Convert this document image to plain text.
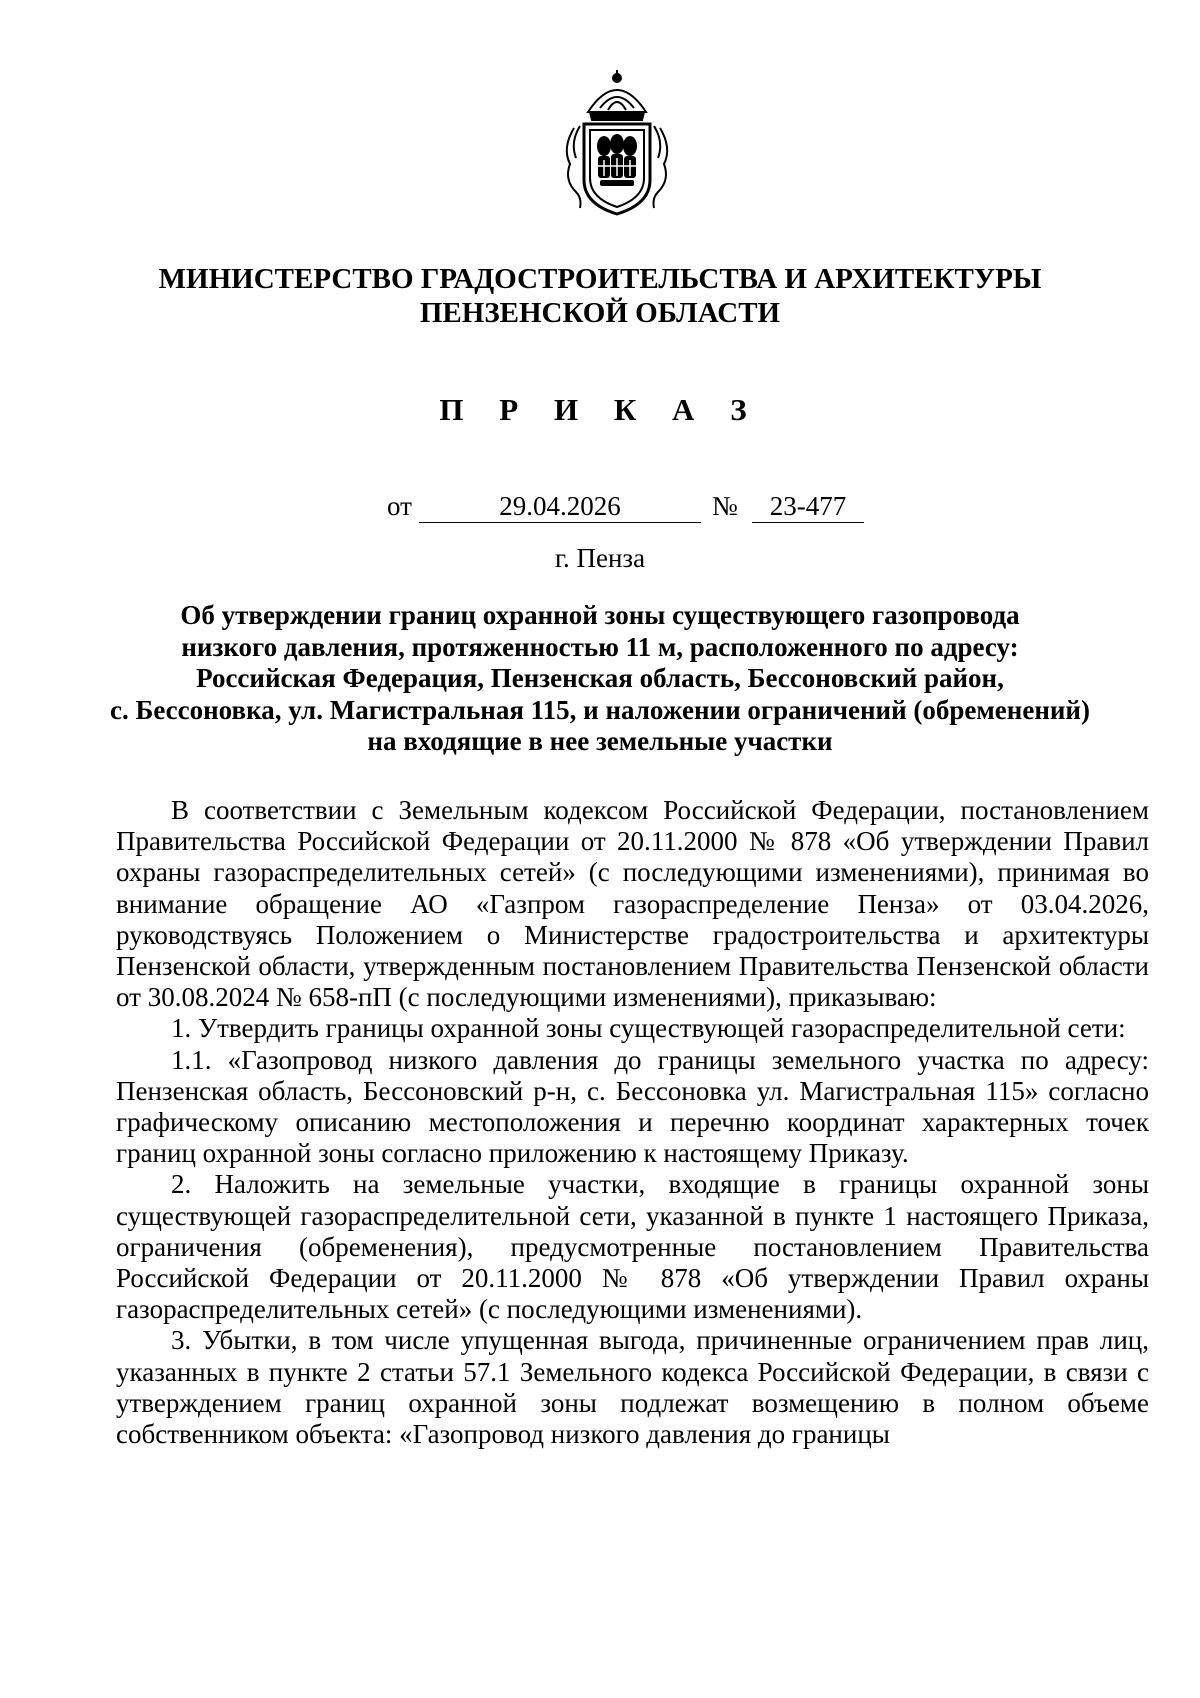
МИНИСТЕРСТВО ГРАДОСТРОИТЕЛЬСТВА И АРХИТЕКТУРЫ
ПЕНЗЕНСКОЙ ОБЛАСТИ
П Р И К А З
от	29.04.2026	№	23-477
г. Пенза
Об утверждении границ охранной зоны существующего газопровода
низкого давления, протяженностью 11 м, расположенного по адресу:
Российская Федерация, Пензенская область, Бессоновский район,
с. Бессоновка, ул. Магистральная 115, и наложении ограничений (обременений)
на входящие в нее земельные участки

В соответствии с Земельным кодексом Российской Федерации, постановлением Правительства Российской Федерации от 20.11.2000 № 878 «Об утверждении Правил охраны газораспределительных сетей» (с последующими изменениями), принимая во внимание обращение АО «Газпром газораспределение Пенза» от 03.04.2026, руководствуясь Положением о Министерстве градостроительства и архитектуры Пензенской области, утвержденным постановлением Правительства Пензенской области от 30.08.2024 № 658-пП (с последующими изменениями), приказываю:

1. Утвердить границы охранной зоны существующей газораспределительной сети:

1.1. «Газопровод низкого давления до границы земельного участка по адресу: Пензенская область, Бессоновский р-н, с. Бессоновка ул. Магистральная 115» согласно графическому описанию местоположения и перечню координат характерных точек границ охранной зоны согласно приложению к настоящему Приказу.

2. Наложить на земельные участки, входящие в границы охранной зоны существующей газораспределительной сети, указанной в пункте 1 настоящего Приказа, ограничения (обременения), предусмотренные постановлением Правительства Российской Федерации от 20.11.2000 № 878 «Об утверждении Правил охраны газораспределительных сетей» (с последующими изменениями).

3. Убытки, в том числе упущенная выгода, причиненные ограничением прав лиц, указанных в пункте 2 статьи 57.1 Земельного кодекса Российской Федерации, в связи с утверждением границ охранной зоны подлежат возмещению в полном объеме собственником объекта: «Газопровод низкого давления до границы
